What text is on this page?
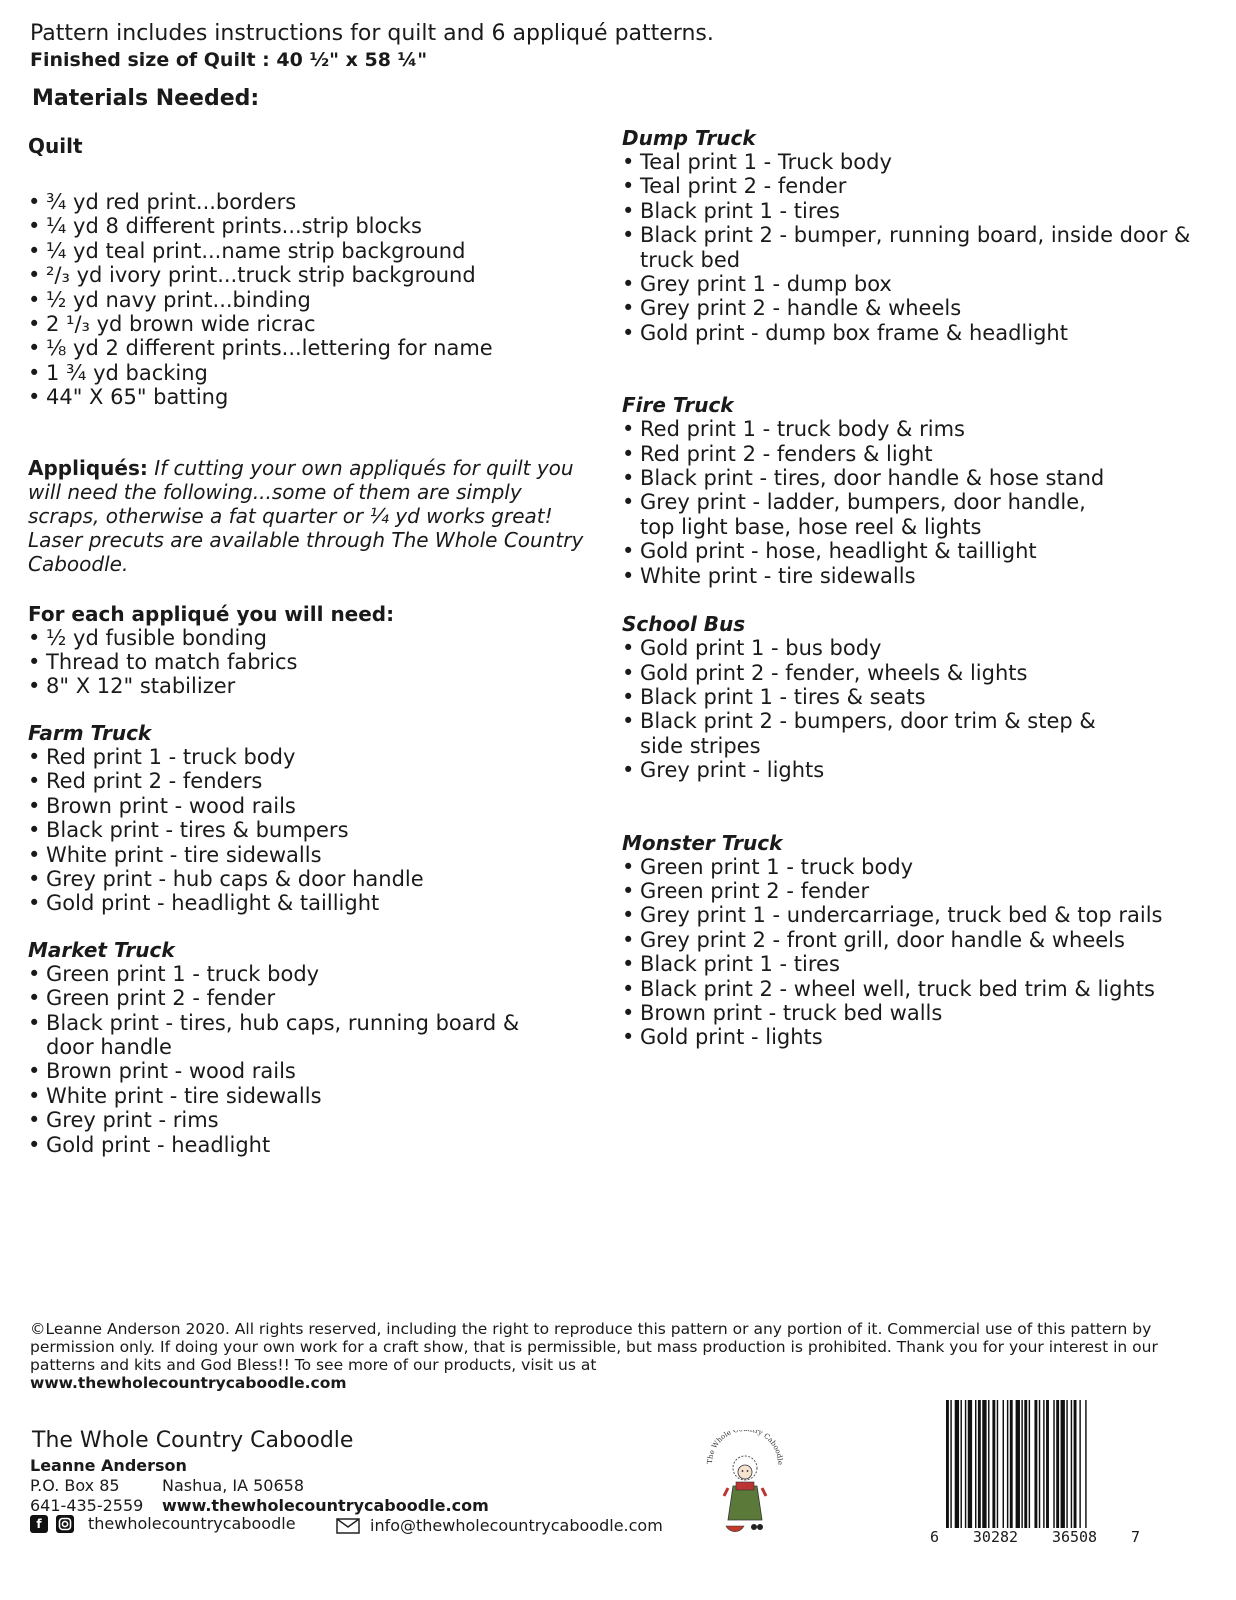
Pattern includes instructions for quilt and 6 appliqué patterns.
Finished size of Quilt : 40 ½" x 58 ¼"
Materials Needed:
Quilt
• ¾ yd red print...borders
• ¼ yd 8 different prints...strip blocks
• ¼ yd teal print...name strip background
• ²/₃ yd ivory print...truck strip background
• ½ yd navy print...binding
• 2 ¹/₃ yd brown wide ricrac
• ⅛ yd 2 different prints...lettering for name
• 1 ¾ yd backing
• 44" X 65" batting

Appliqués: If cutting your own appliqués for quilt you will need the following...some of them are simply scraps, otherwise a fat quarter or ¼ yd works great! Laser precuts are available through The Whole Country Caboodle.

For each appliqué you will need:
• ½ yd fusible bonding
• Thread to match fabrics
• 8" X 12" stabilizer
Farm Truck
• Red print 1 - truck body
• Red print 2 - fenders
• Brown print - wood rails
• Black print - tires & bumpers
• White print - tire sidewalls
• Grey print - hub caps & door handle
• Gold print - headlight & taillight
Market Truck
• Green print 1 - truck body
• Green print 2 - fender
• Black print - tires, hub caps, running board &
door handle
• Brown print - wood rails
• White print - tire sidewalls
• Grey print - rims
• Gold print - headlight
Dump Truck
• Teal print 1 - Truck body
• Teal print 2 - fender
• Black print 1 - tires
• Black print 2 - bumper, running board, inside door &
truck bed
• Grey print 1 - dump box
• Grey print 2 - handle & wheels
• Gold print - dump box frame & headlight
Fire Truck
• Red print 1 - truck body & rims
• Red print 2 - fenders & light
• Black print - tires, door handle & hose stand
• Grey print - ladder, bumpers, door handle,
top light base, hose reel & lights
• Gold print - hose, headlight & taillight
• White print - tire sidewalls
School Bus
• Gold print 1 - bus body
• Gold print 2 - fender, wheels & lights
• Black print 1 - tires & seats
• Black print 2 - bumpers, door trim & step &
side stripes
• Grey print - lights
Monster Truck
• Green print 1 - truck body
• Green print 2 - fender
• Grey print 1 - undercarriage, truck bed & top rails
• Grey print 2 - front grill, door handle & wheels
• Black print 1 - tires
• Black print 2 - wheel well, truck bed trim & lights
• Brown print - truck bed walls
• Gold print - lights
©Leanne Anderson 2020. All rights reserved, including the right to reproduce this pattern or any portion of it. Commercial use of this pattern by permission only. If doing your own work for a craft show, that is permissible, but mass production is prohibited. Thank you for your interest in our patterns and kits and God Bless!! To see more of our products, visit us at
www.thewholecountrycaboodle.com
The Whole Country Caboodle
Leanne Anderson
P.O. Box 85	Nashua, IA 50658
641-435-2559 www.thewholecountrycaboodle.com
f	thewholecountrycaboodle	info@thewholecountrycaboodle.com
The Whole C try Caboodle
6 30282 36508 7
